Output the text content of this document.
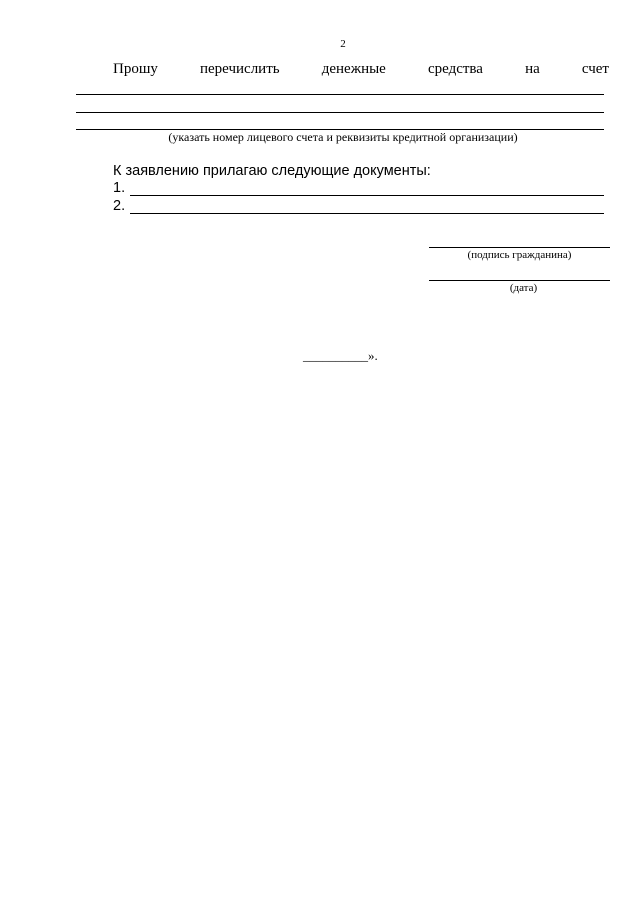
2
Прошу перечислить денежные средства на счет
(указать номер лицевого счета и реквизиты кредитной организации)
К заявлению прилагаю следующие документы:
1.
2.
(подпись гражданина)
(дата)
__________».
